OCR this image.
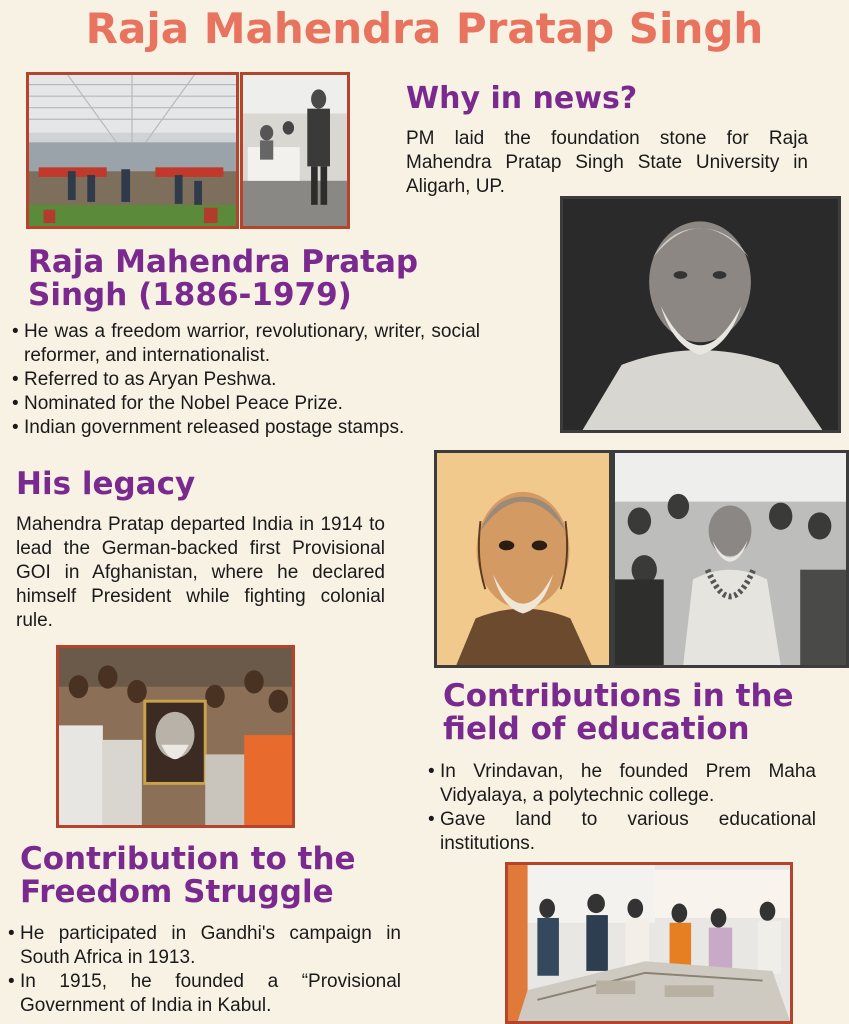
Raja Mahendra Pratap Singh
Why in news?

PM laid the foundation stone for Raja Mahendra Pratap Singh State University in Aligarh, UP.

Raja Mahendra Pratap
Singh (1886-1979)
• He was a freedom warrior, revolutionary, writer, social reformer, and internationalist.
• Referred to as Aryan Peshwa.
• Nominated for the Nobel Peace Prize.
• Indian government released postage stamps.
His legacy

Mahendra Pratap departed India in 1914 to lead the German-backed first Provisional GOI in Afghanistan, where he declared himself President while fighting colonial rule.

Contributions in the
field of education
• In Vrindavan, he founded Prem Maha Vidyalaya, a polytechnic college.
• Gave land to various educational institutions.
Contribution to the
Freedom Struggle
• He participated in Gandhi's campaign in South Africa in 1913.
• In 1915, he founded a “Provisional Government of India in Kabul.
